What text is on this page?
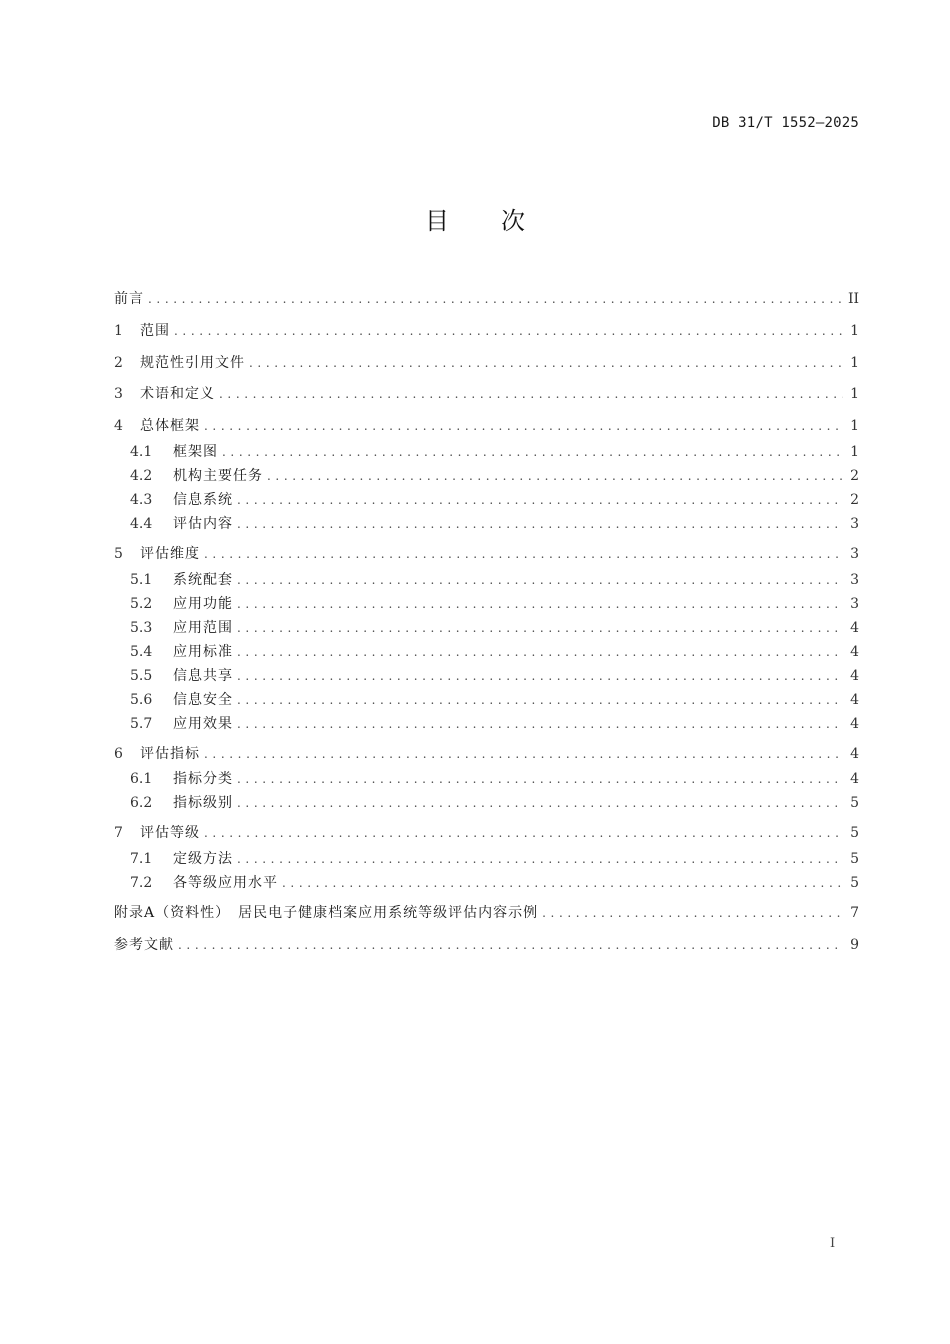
DB 31/T 1552—2025
目次
前言 .....	II
1	范围 .....	1
2	规范性引用文件 .....	1
3	术语和定义 .....	1
4	总体框架 .....	1
4.1	框架图 .....	1
4.2	机构主要任务 .....	2
4.3	信息系统 .....	2
4.4	评估内容 .....	3
5	评估维度 .....	3
5.1	系统配套 .....	3
5.2	应用功能 .....	3
5.3	应用范围 .....	4
5.4	应用标准 .....	4
5.5	信息共享 .....	4
5.6	信息安全 .....	4
5.7	应用效果 .....	4
6	评估指标 .....	4
6.1	指标分类 .....	4
6.2	指标级别 .....	5
7	评估等级 .....	5
7.1	定级方法 .....	5
7.2	各等级应用水平 .....	5
附录A（资料性）　居民电子健康档案应用系统等级评估内容示例 .....	7
参考文献 .....	9
I
